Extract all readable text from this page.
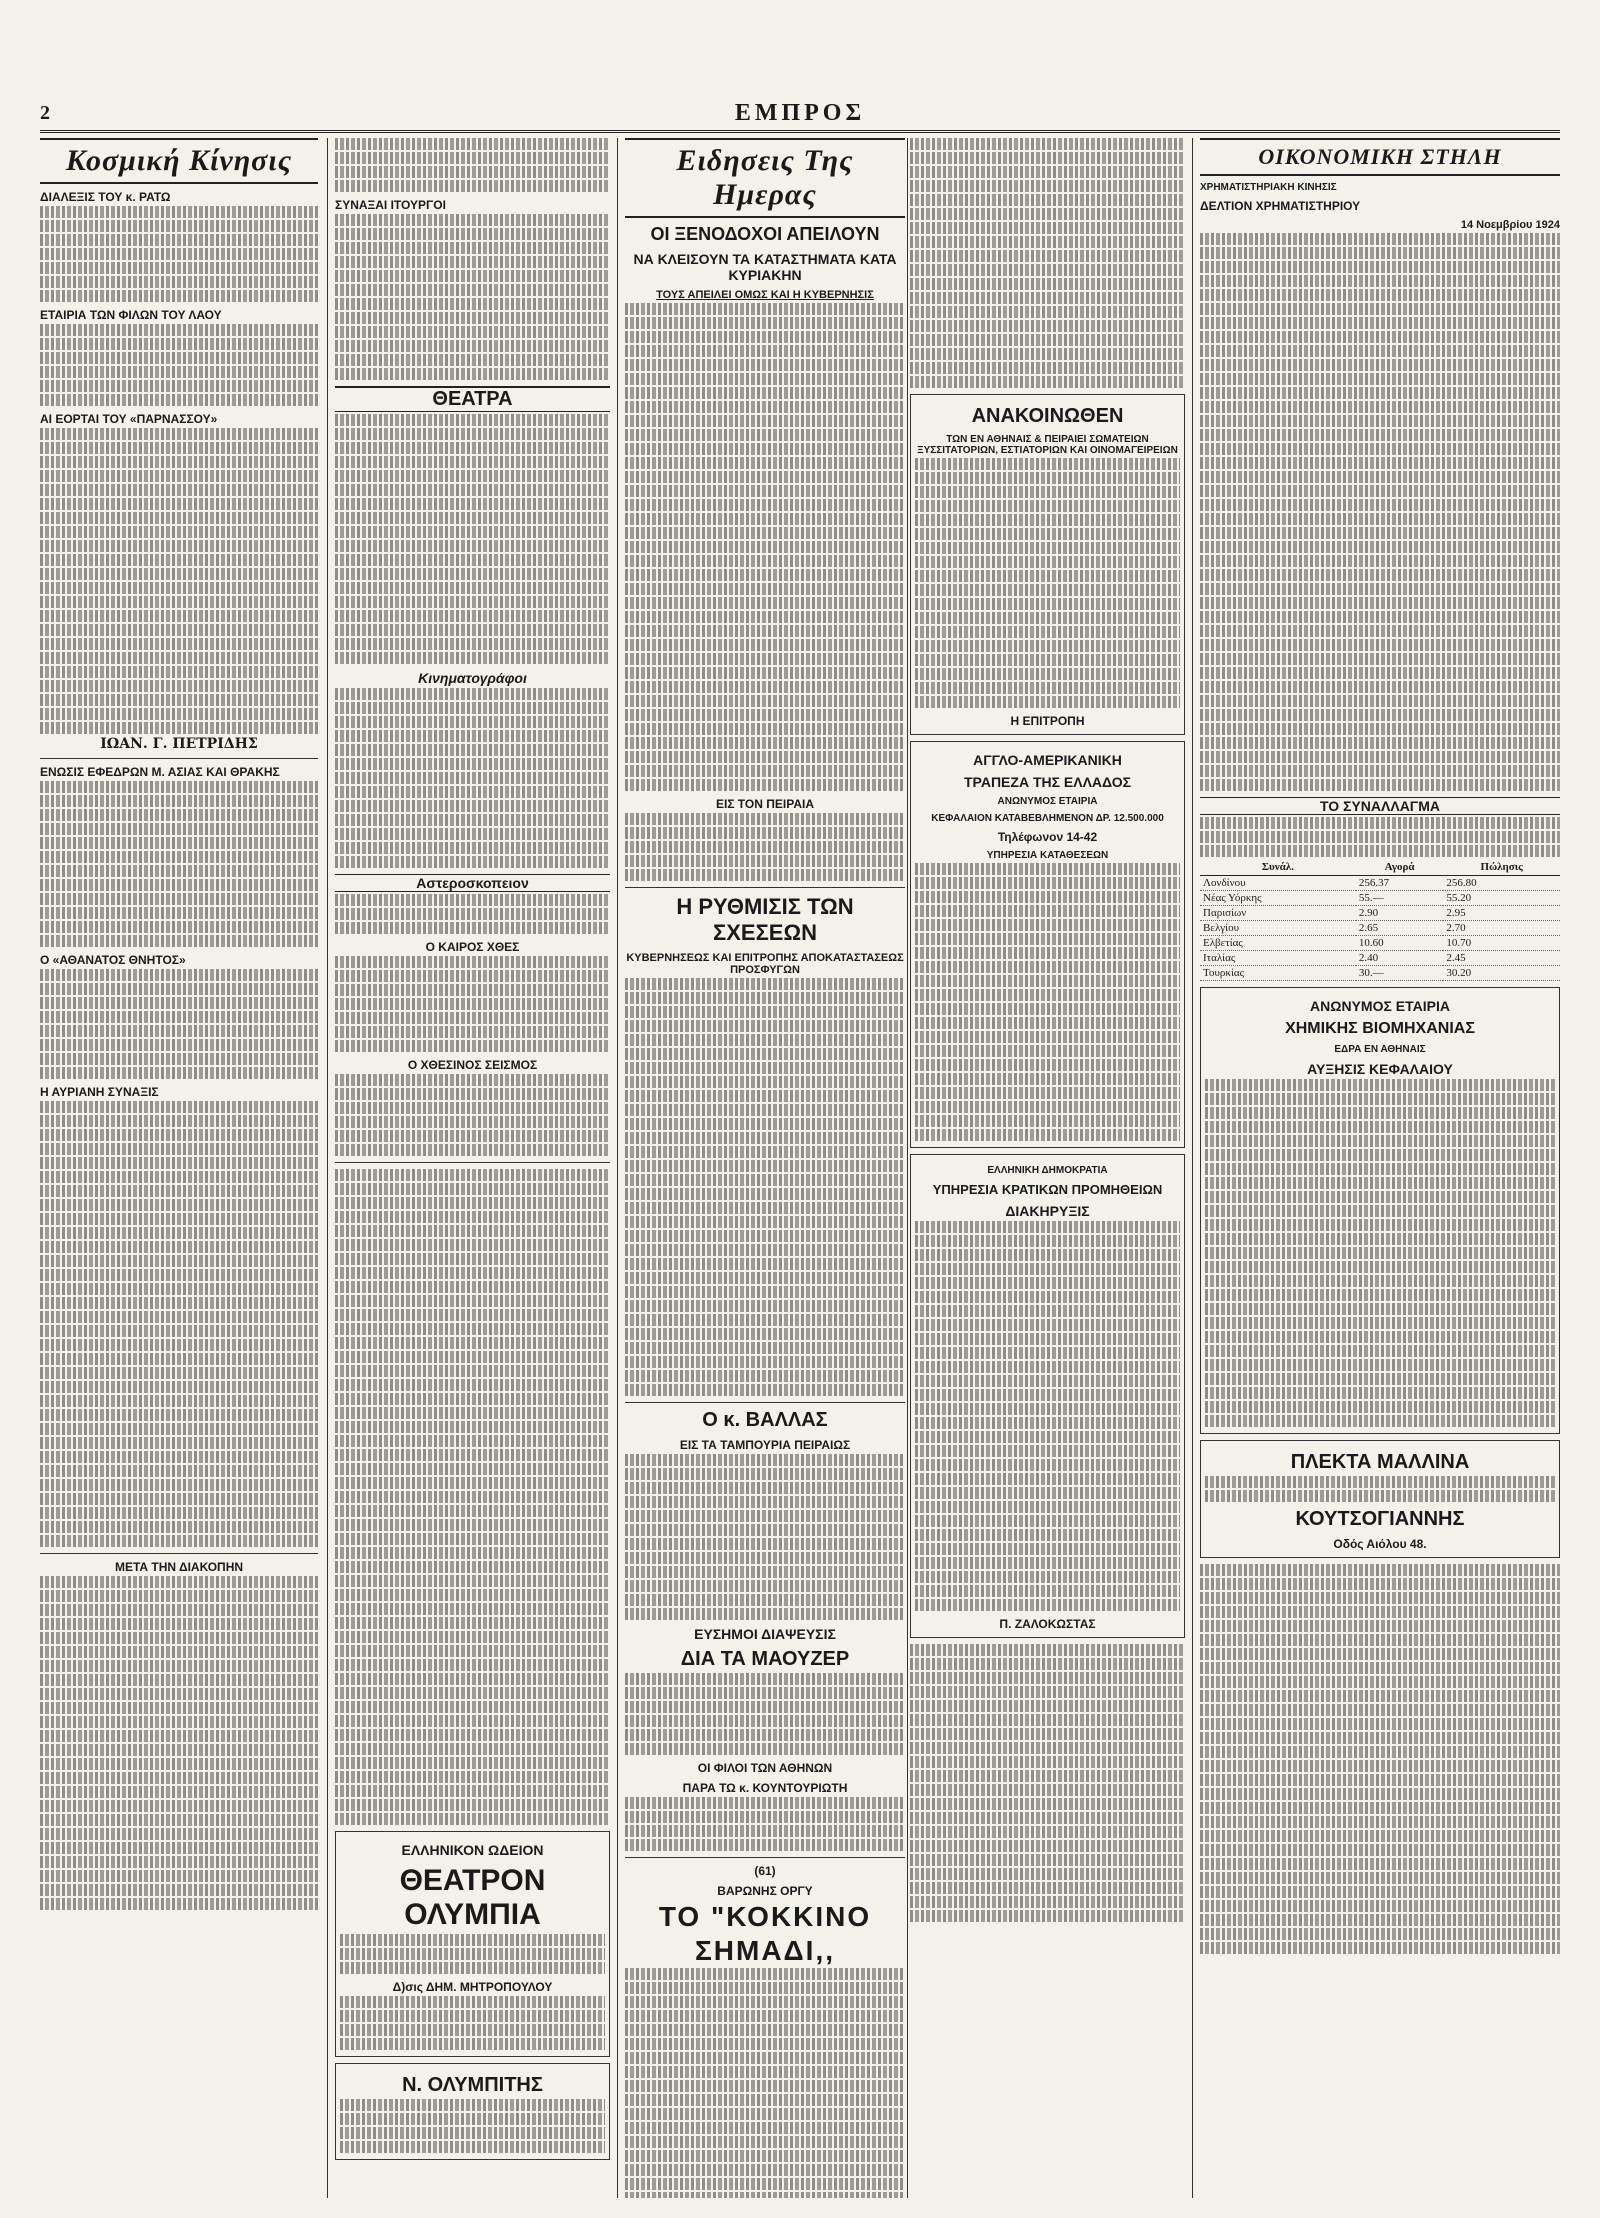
2	ΕΜΠΡΟΣ
Κοσμική Κίνησις
ΔΙΑΛΕΞΙΣ ΤΟΥ κ. ΡΑΤΩ
ΕΤΑΙΡΙΑ ΤΩΝ ΦΙΛΩΝ ΤΟΥ ΛΑΟΥ
ΑΙ ΕΟΡΤΑΙ ΤΟΥ «ΠΑΡΝΑΣΣΟΥ»
ΙΩΑΝ. Γ. ΠΕΤΡΙΔΗΣ
ΕΝΩΣΙΣ ΕΦΕΔΡΩΝ Μ. ΑΣΙΑΣ ΚΑΙ ΘΡΑΚΗΣ
Ο «ΑΘΑΝΑΤΟΣ ΘΝΗΤΟΣ»
Η ΑΥΡΙΑΝΗ ΣΥΝΑΞΙΣ
ΜΕΤΑ ΤΗΝ ΔΙΑΚΟΠΗΝ
ΣΥΝΑΞΑΙ ΙΤΟΥΡΓΟΙ
ΘΕΑΤΡΑ
Κινηματογράφοι
Αστεροσκοπειον
Ο ΚΑΙΡΟΣ ΧΘΕΣ
Ο ΧΘΕΣΙΝΟΣ ΣΕΙΣΜΟΣ
ΕΛΛΗΝΙΚΟΝ ΩΔΕΙΟΝ
ΘΕΑΤΡΟΝ ΟΛΥΜΠΙΑ
Δ)σις ΔΗΜ. ΜΗΤΡΟΠΟΥΛΟΥ
Ν. ΟΛΥΜΠΙΤΗΣ
Ειδησεις Της Ημερας
ΟΙ ΞΕΝΟΔΟΧΟΙ ΑΠΕΙΛΟΥΝ
ΝΑ ΚΛΕΙΣΟΥΝ ΤΑ ΚΑΤΑΣΤΗΜΑΤΑ ΚΑΤΑ ΚΥΡΙΑΚΗΝ
ΤΟΥΣ ΑΠΕΙΛΕΙ ΟΜΩΣ ΚΑΙ Η ΚΥΒΕΡΝΗΣΙΣ
ΕΙΣ ΤΟΝ ΠΕΙΡΑΙΑ
Η ΡΥΘΜΙΣΙΣ ΤΩΝ ΣΧΕΣΕΩΝ
ΚΥΒΕΡΝΗΣΕΩΣ ΚΑΙ ΕΠΙΤΡΟΠΗΣ ΑΠΟΚΑΤΑΣΤΑΣΕΩΣ ΠΡΟΣΦΥΓΩΝ
Ο κ. ΒΑΛΛΑΣ
ΕΙΣ ΤΑ ΤΑΜΠΟΥΡΙΑ ΠΕΙΡΑΙΩΣ
ΕΥΣΗΜΟΙ ΔΙΑΨΕΥΣΙΣ
ΔΙΑ ΤΑ ΜΑΟΥΖΕΡ
ΟΙ ΦΙΛΟΙ ΤΩΝ ΑΘΗΝΩΝ
ΠΑΡΑ ΤΩ κ. ΚΟΥΝΤΟΥΡΙΩΤΗ
(61)
ΒΑΡΩΝΗΣ ΟΡΓΥ
ΤΟ "ΚΟΚΚΙΝΟ ΣΗΜΑΔΙ,,
ΑΝΑΚΟΙΝΩΘΕΝ
ΤΩΝ ΕΝ ΑΘΗΝΑΙΣ & ΠΕΙΡΑΙΕΙ ΣΩΜΑΤΕΙΩΝ ΞΥΣΣΙΤΑΤΟΡΙΩΝ, ΕΣΤΙΑΤΟΡΙΩΝ ΚΑΙ ΟΙΝΟΜΑΓΕΙΡΕΙΩΝ
Η ΕΠΙΤΡΟΠΗ
ΑΓΓΛΟ-ΑΜΕΡΙΚΑΝΙΚΗ
ΤΡΑΠΕΖΑ ΤΗΣ ΕΛΛΑΔΟΣ
ΑΝΩΝΥΜΟΣ ΕΤΑΙΡΙΑ
ΚΕΦΑΛΑΙΟΝ ΚΑΤΑΒΕΒΛΗΜΕΝΟΝ ΔΡ. 12.500.000
Τηλέφωνον 14-42
ΥΠΗΡΕΣΙΑ ΚΑΤΑΘΕΣΕΩΝ
ΕΛΛΗΝΙΚΗ ΔΗΜΟΚΡΑΤΙΑ
ΥΠΗΡΕΣΙΑ ΚΡΑΤΙΚΩΝ ΠΡΟΜΗΘΕΙΩΝ
ΔΙΑΚΗΡΥΞΙΣ
Π. ΖΑΛΟΚΩΣΤΑΣ
ΟΙΚΟΝΟΜΙΚΗ ΣΤΗΛΗ
ΧΡΗΜΑΤΙΣΤΗΡΙΑΚΗ ΚΙΝΗΣΙΣ
ΔΕΛΤΙΟΝ ΧΡΗΜΑΤΙΣΤΗΡΙΟΥ
14 Νοεμβρίου 1924
ΤΟ ΣΥΝΑΛΛΑΓΜΑ
Συνάλ.	Αγορά	Πώλησις
Λονδίνου	256.37	256.80
Νέας Υόρκης	55.—	55.20
Παρισίων	2.90	2.95
Βελγίου	2.65	2.70
Ελβετίας	10.60	10.70
Ιταλίας	2.40	2.45
Τουρκίας	30.—	30.20
ΑΝΩΝΥΜΟΣ ΕΤΑΙΡΙΑ
ΧΗΜΙΚΗΣ ΒΙΟΜΗΧΑΝΙΑΣ
ΕΔΡΑ ΕΝ ΑΘΗΝΑΙΣ
ΑΥΞΗΣΙΣ ΚΕΦΑΛΑΙΟΥ
ΠΛΕΚΤΑ ΜΑΛΛΙΝΑ
ΚΟΥΤΣΟΓΙΑΝΝΗΣ
Οδός Αιόλου 48.
